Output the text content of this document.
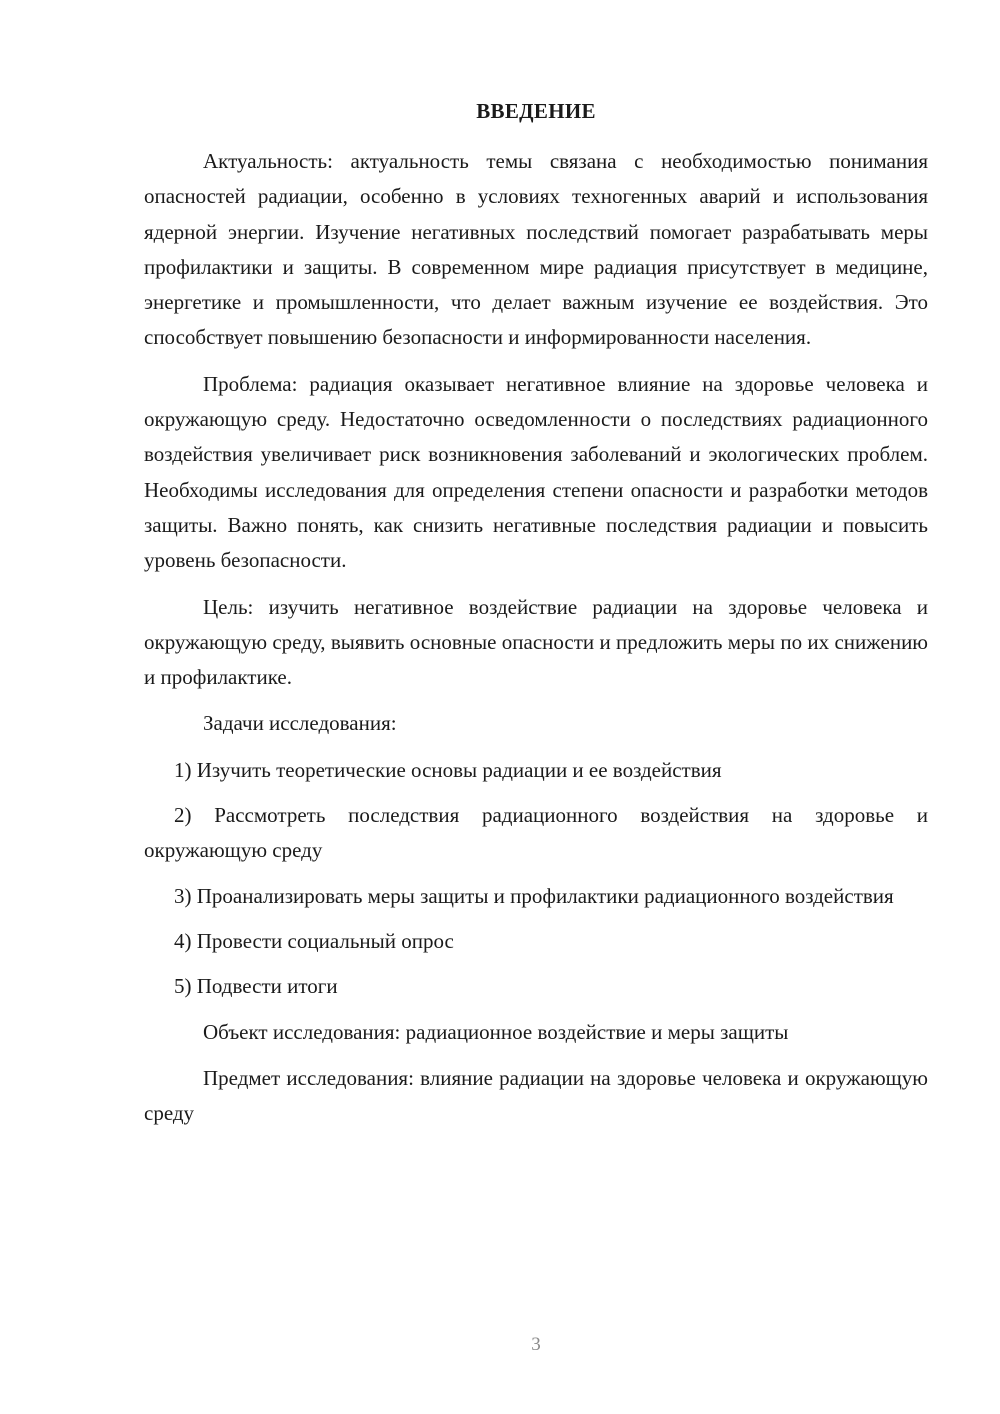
ВВЕДЕНИЕ

Актуальность: актуальность темы связана с необходимостью понимания опасностей радиации, особенно в условиях техногенных аварий и использования ядерной энергии. Изучение негативных последствий помогает разрабатывать меры профилактики и защиты. В современном мире радиация присутствует в медицине, энергетике и промышленности, что делает важным изучение ее воздействия. Это способствует повышению безопасности и информированности населения.

Проблема: радиация оказывает негативное влияние на здоровье человека и окружающую среду. Недостаточно осведомленности о последствиях радиационного воздействия увеличивает риск возникновения заболеваний и экологических проблем. Необходимы исследования для определения степени опасности и разработки методов защиты. Важно понять, как снизить негативные последствия радиации и повысить уровень безопасности.

Цель: изучить негативное воздействие радиации на здоровье человека и окружающую среду, выявить основные опасности и предложить меры по их снижению и профилактике.

Задачи исследования:

1) Изучить теоретические основы радиации и ее воздействия

2) Рассмотреть последствия радиационного воздействия на здоровье и окружающую среду

3) Проанализировать меры защиты и профилактики радиационного воздействия

4) Провести социальный опрос

5) Подвести итоги

Объект исследования: радиационное воздействие и меры защиты

Предмет исследования: влияние радиации на здоровье человека и окружающую среду

3
